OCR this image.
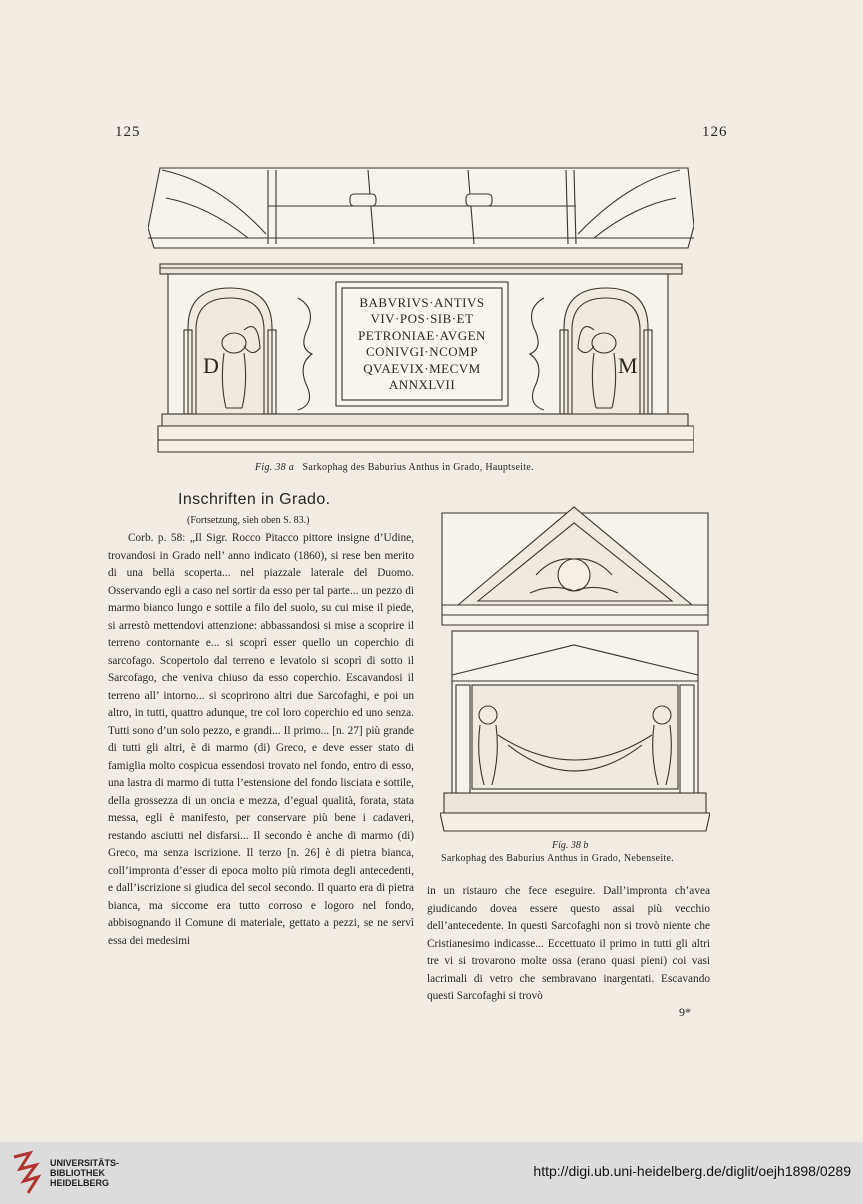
125	126
BABVRIVS·ANTIVS
VIV·POS·SIB·ET
PETRONIAE·AVGEN
CONIVGI·NCOMP
QVAEVIX·MECVM
ANNXLVII
D	M
Fig. 38 a Sarkophag des Baburius Anthus in Grado, Hauptseite.
Fig. 38 b
Sarkophag des Baburius Anthus in Grado, Nebenseite.
Inschriften in Grado.
(Fortsetzung, sieh oben S. 83.)

Corb. p. 58: „Il Sigr. Rocco Pitacco pittore insigne d’Udine, trovandosi in Grado nell’ anno indicato (1860), si rese ben merito di una bella scoperta... nel piazzale laterale del Duomo. Osservando egli a caso nel sortir da esso per tal parte... un pezzo di marmo bianco lungo e sottile a filo del suolo, su cui mise il piede, si arrestò mettendovi attenzione: abbassandosi si mise a scoprire il terreno contornante e... si scoprì esser quello un coperchio di sarcofago. Scopertolo dal terreno e levatolo si scoprì di sotto il Sarcofago, che veniva chiuso da esso coperchio. Escavandosi il terreno all’ intorno... si scoprirono altri due Sarcofaghi, e poi un altro, in tutti, quattro adunque, tre col loro coperchio ed uno senza. Tutti sono d’un solo pezzo, e grandi... Il primo... [n. 27] più grande di tutti gli altri, è di marmo (di) Greco, e deve esser stato di famiglia molto cospicua essendosi trovato nel fondo, entro di esso, una lastra di marmo di tutta l’estensione del fondo lisciata e sottile, della grossezza di un oncia e mezza, d’egual qualità, forata, stata messa, egli è manifesto, per conservare più bene i cadaveri, restando asciutti nel disfarsi... Il secondo è anche di marmo (di) Greco, ma senza iscrizione. Il terzo [n. 26] è di pietra bianca, coll’impronta d’esser di epoca molto più rimota degli antecedenti, e dall’iscrizione si giudica del secol secondo. Il quarto era di pietra bianca, ma siccome era tutto corroso e logoro nel fondo, abbisognando il Comune di materiale, gettato a pezzi, se ne servì essa dei medesimi

in un ristauro che fece eseguire. Dall’impronta ch’avea giudicando dovea essere questo assai più vecchio dell’antecedente. In questi Sarcofaghi non si trovò niente che Cristianesimo indicasse... Eccettuato il primo in tutti gli altri tre vi si trovarono molte ossa (erano quasi pieni) coi vasi lacrimali di vetro che sembravano inargentati. Escavando questi Sarcofaghi si trovò

9*
UNIVERSITÄTS-
BIBLIOTHEK
HEIDELBERG
http://digi.ub.uni-heidelberg.de/diglit/oejh1898/0289
